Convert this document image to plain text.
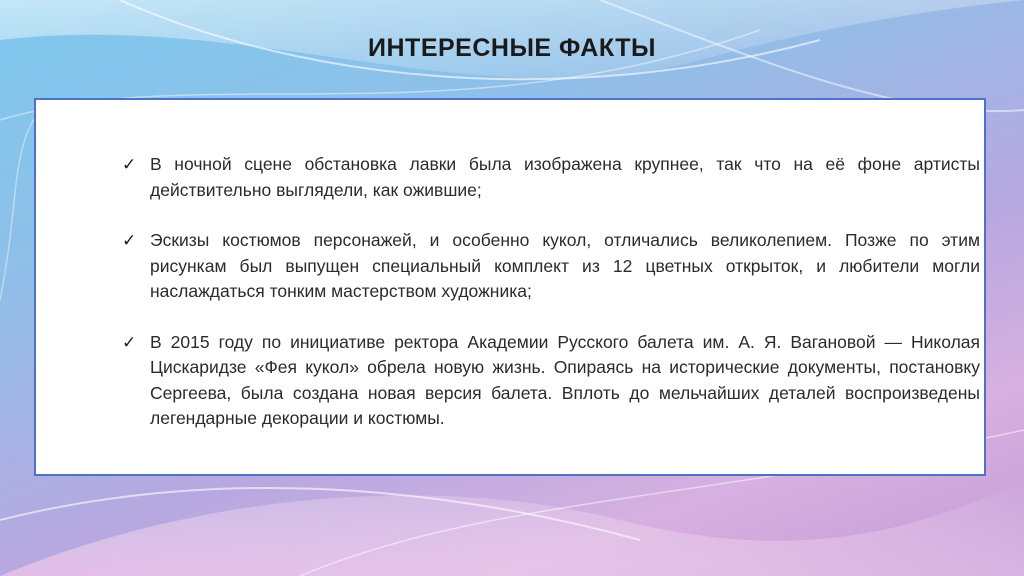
ИНТЕРЕСНЫЕ ФАКТЫ
✓ В ночной сцене обстановка лавки была изображена крупнее, так что на её фоне артисты действительно выглядели, как ожившие;
✓ Эскизы костюмов персонажей, и особенно кукол, отличались великолепием. Позже по этим рисункам был выпущен специальный комплект из 12 цветных открыток, и любители могли наслаждаться тонким мастерством художника;
✓ В 2015 году по инициативе ректора Академии Русского балета им. А. Я. Вагановой — Николая Цискаридзе «Фея кукол» обрела новую жизнь. Опираясь на исторические документы, постановку Сергеева, была создана новая версия балета. Вплоть до мельчайших деталей воспроизведены легендарные декорации и костюмы.
